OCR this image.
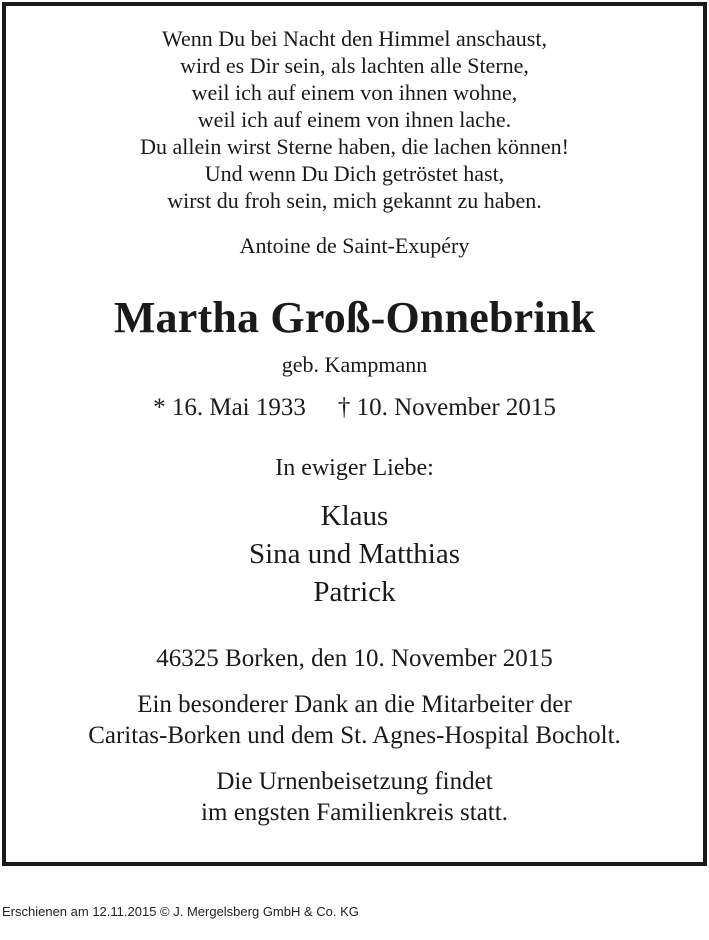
Wenn Du bei Nacht den Himmel anschaust,
wird es Dir sein, als lachten alle Sterne,
weil ich auf einem von ihnen wohne,
weil ich auf einem von ihnen lache.
Du allein wirst Sterne haben, die lachen können!
Und wenn Du Dich getröstet hast,
wirst du froh sein, mich gekannt zu haben.
Antoine de Saint-Exupéry
Martha Groß-Onnebrink
geb. Kampmann
* 16. Mai 1933 † 10. November 2015
In ewiger Liebe:
Klaus
Sina und Matthias
Patrick
46325 Borken, den 10. November 2015
Ein besonderer Dank an die Mitarbeiter der
Caritas-Borken und dem St. Agnes-Hospital Bocholt.
Die Urnenbeisetzung findet
im engsten Familienkreis statt.
Erschienen am 12.11.2015 © J. Mergelsberg GmbH & Co. KG
